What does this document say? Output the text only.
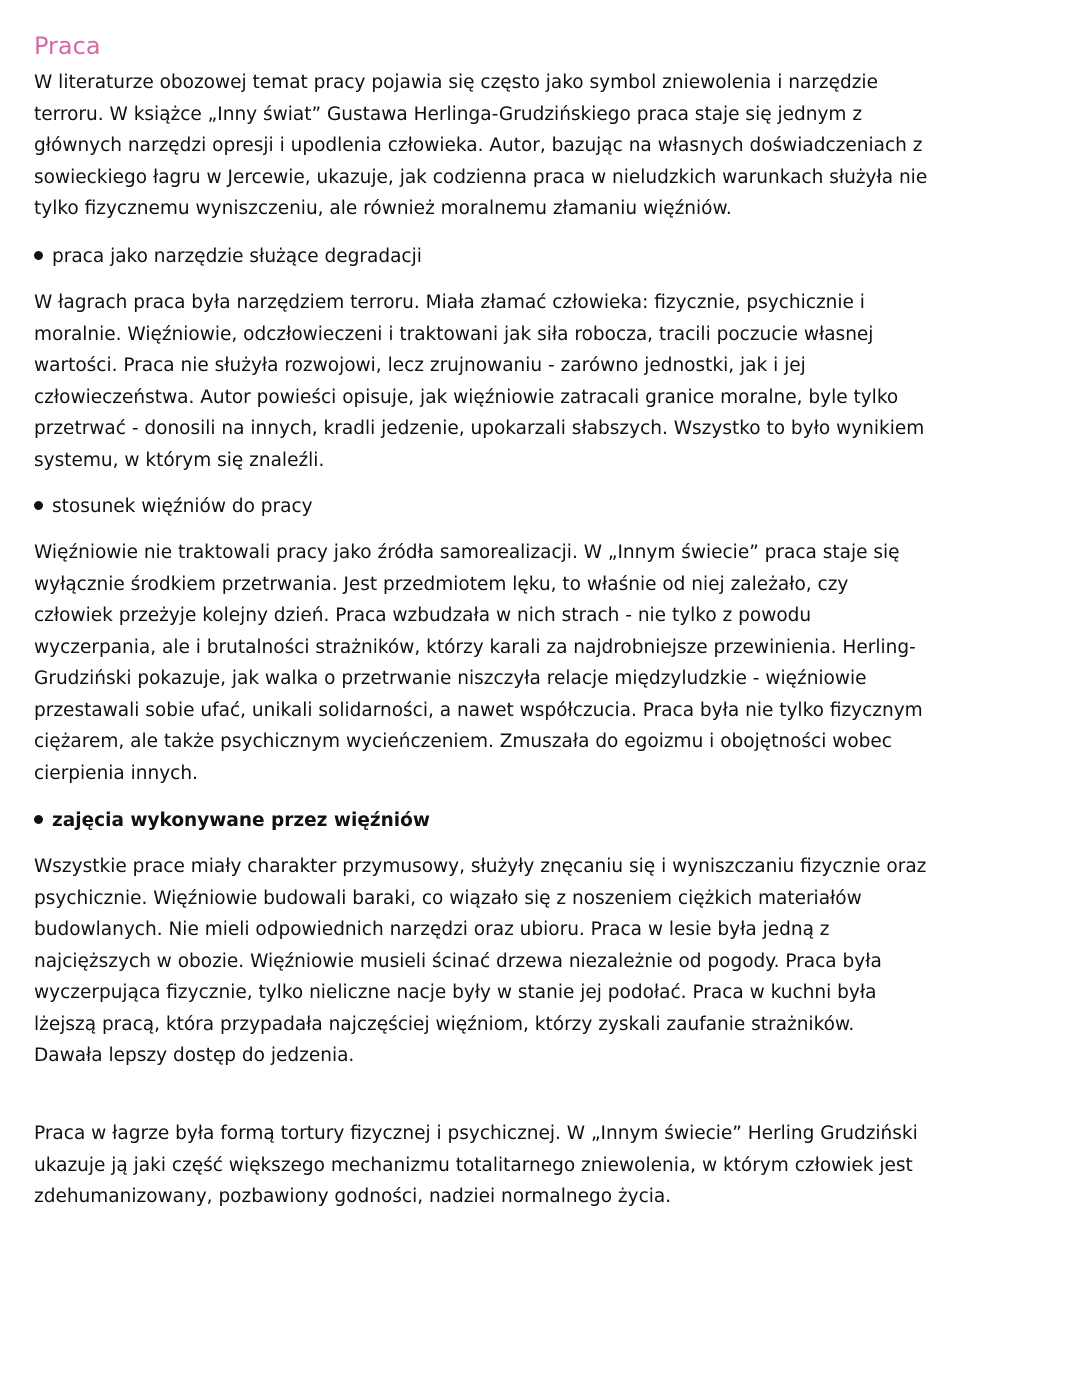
Praca
W literaturze obozowej temat pracy pojawia się często jako symbol zniewolenia i narzędzie
terroru. W książce „Inny świat” Gustawa Herlinga-Grudzińskiego praca staje się jednym z
głównych narzędzi opresji i upodlenia człowieka. Autor, bazując na własnych doświadczeniach z
sowieckiego łagru w Jercewie, ukazuje, jak codzienna praca w nieludzkich warunkach służyła nie
tylko fizycznemu wyniszczeniu, ale również moralnemu złamaniu więźniów.
praca jako narzędzie służące degradacji
W łagrach praca była narzędziem terroru. Miała złamać człowieka: fizycznie, psychicznie i
moralnie. Więźniowie, odczłowieczeni i traktowani jak siła robocza, tracili poczucie własnej
wartości. Praca nie służyła rozwojowi, lecz zrujnowaniu - zarówno jednostki, jak i jej
człowieczeństwa. Autor powieści opisuje, jak więźniowie zatracali granice moralne, byle tylko
przetrwać - donosili na innych, kradli jedzenie, upokarzali słabszych. Wszystko to było wynikiem
systemu, w którym się znaleźli.
stosunek więźniów do pracy
Więźniowie nie traktowali pracy jako źródła samorealizacji. W „Innym świecie” praca staje się
wyłącznie środkiem przetrwania. Jest przedmiotem lęku, to właśnie od niej zależało, czy
człowiek przeżyje kolejny dzień. Praca wzbudzała w nich strach - nie tylko z powodu
wyczerpania, ale i brutalności strażników, którzy karali za najdrobniejsze przewinienia. Herling-
Grudziński pokazuje, jak walka o przetrwanie niszczyła relacje międzyludzkie - więźniowie
przestawali sobie ufać, unikali solidarności, a nawet współczucia. Praca była nie tylko fizycznym
ciężarem, ale także psychicznym wycieńczeniem. Zmuszała do egoizmu i obojętności wobec
cierpienia innych.
zajęcia wykonywane przez więźniów
Wszystkie prace miały charakter przymusowy, służyły znęcaniu się i wyniszczaniu fizycznie oraz
psychicznie. Więźniowie budowali baraki, co wiązało się z noszeniem ciężkich materiałów
budowlanych. Nie mieli odpowiednich narzędzi oraz ubioru. Praca w lesie była jedną z
najcięższych w obozie. Więźniowie musieli ścinać drzewa niezależnie od pogody. Praca była
wyczerpująca fizycznie, tylko nieliczne nacje były w stanie jej podołać. Praca w kuchni była
lżejszą pracą, która przypadała najczęściej więźniom, którzy zyskali zaufanie strażników.
Dawała lepszy dostęp do jedzenia.
Praca w łagrze była formą tortury fizycznej i psychicznej. W „Innym świecie” Herling Grudziński
ukazuje ją jaki część większego mechanizmu totalitarnego zniewolenia, w którym człowiek jest
zdehumanizowany, pozbawiony godności, nadziei normalnego życia.
